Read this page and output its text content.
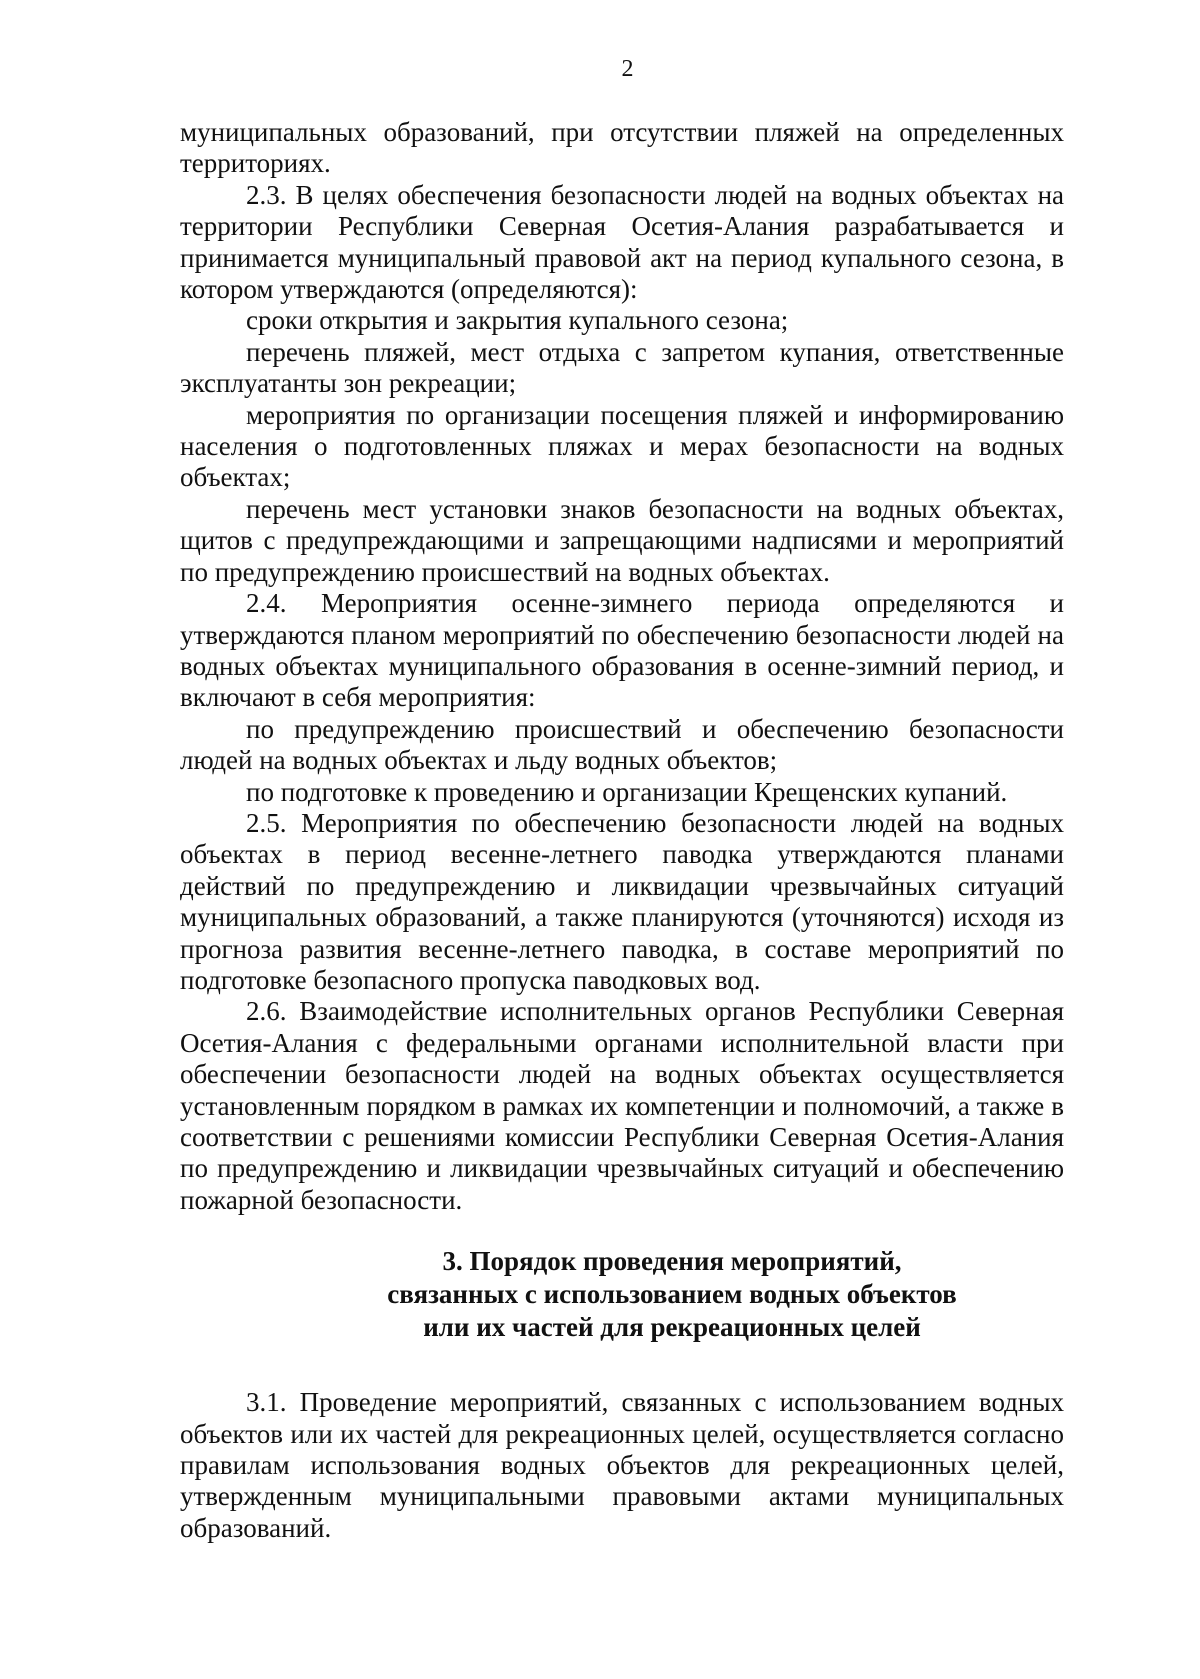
2

муниципальных образований, при отсутствии пляжей на определенных территориях.

2.3. В целях обеспечения безопасности людей на водных объектах на территории Республики Северная Осетия-Алания разрабатывается и принимается муниципальный правовой акт на период купального сезона, в котором утверждаются (определяются):

сроки открытия и закрытия купального сезона;

перечень пляжей, мест отдыха с запретом купания, ответственные эксплуатанты зон рекреации;

мероприятия по организации посещения пляжей и информированию населения о подготовленных пляжах и мерах безопасности на водных объектах;

перечень мест установки знаков безопасности на водных объектах, щитов с предупреждающими и запрещающими надписями и мероприятий по предупреждению происшествий на водных объектах.

2.4. Мероприятия осенне-зимнего периода определяются и утверждаются планом мероприятий по обеспечению безопасности людей на водных объектах муниципального образования в осенне-зимний период, и включают в себя мероприятия:

по предупреждению происшествий и обеспечению безопасности людей на водных объектах и льду водных объектов;

по подготовке к проведению и организации Крещенских купаний.

2.5. Мероприятия по обеспечению безопасности людей на водных объектах в период весенне-летнего паводка утверждаются планами действий по предупреждению и ликвидации чрезвычайных ситуаций муниципальных образований, а также планируются (уточняются) исходя из прогноза развития весенне-летнего паводка, в составе мероприятий по подготовке безопасного пропуска паводковых вод.

2.6. Взаимодействие исполнительных органов Республики Северная Осетия-Алания с федеральными органами исполнительной власти при обеспечении безопасности людей на водных объектах осуществляется установленным порядком в рамках их компетенции и полномочий, а также в соответствии с решениями комиссии Республики Северная Осетия-Алания по предупреждению и ликвидации чрезвычайных ситуаций и обеспечению пожарной безопасности.

3. Порядок проведения мероприятий,
связанных с использованием водных объектов
или их частей для рекреационных целей

3.1. Проведение мероприятий, связанных с использованием водных объектов или их частей для рекреационных целей, осуществляется согласно правилам использования водных объектов для рекреационных целей, утвержденным муниципальными правовыми актами муниципальных образований.
